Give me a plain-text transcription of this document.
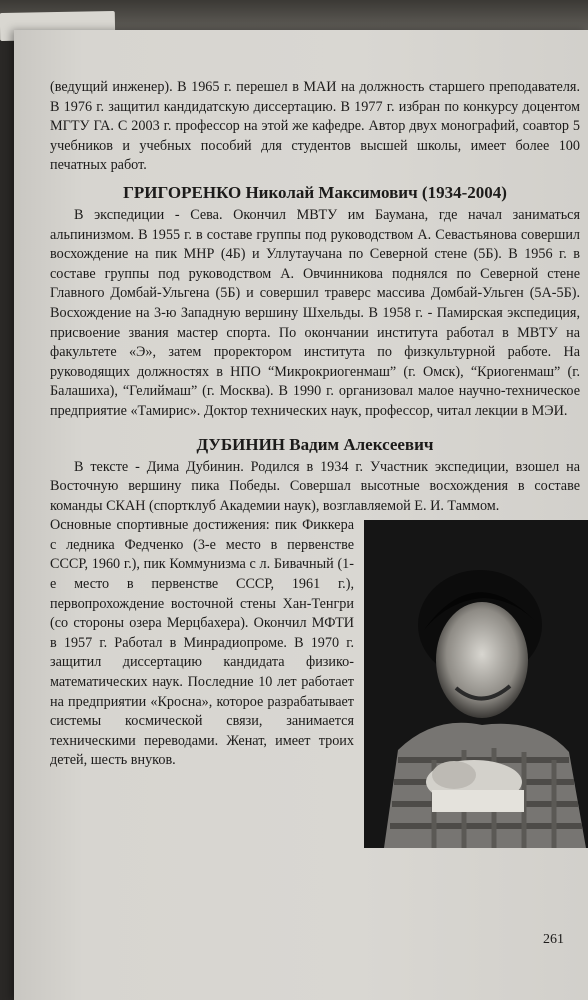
(ведущий инженер). В 1965 г. перешел в МАИ на должность старшего преподавателя. В 1976 г. защитил кандидатскую диссертацию. В 1977 г. избран по конкурсу доцентом МГТУ ГА. С 2003 г. профессор на этой же кафедре. Автор двух монографий, соавтор 5 учебников и учебных пособий для студентов высшей школы, имеет более 100 печатных работ.

ГРИГОРЕНКО Николай Максимович (1934-2004)

В экспедиции - Сева. Окончил МВТУ им Баумана, где начал заниматься альпинизмом. В 1955 г. в составе группы под руководством А. Севастьянова совершил восхождение на пик МНР (4Б) и Уллутаучана по Северной стене (5Б). В 1956 г. в составе группы под руководством А. Овчинникова поднялся по Северной стене Главного Домбай-Ульгена (5Б) и совершил траверс массива Домбай-Ульген (5А-5Б). Восхождение на 3-ю Западную вершину Шхельды. В 1958 г. - Памирская экспедиция, присвоение звания мастер спорта. По окончании института работал в МВТУ на факультете «Э», затем проректором института по физкультурной работе. На руководящих должностях в НПО “Микрокриогенмаш” (г. Омск), “Криогенмаш” (г. Балашиха), “Гелиймаш” (г. Москва). В 1990 г. организовал малое научно-техническое предприятие «Тамирис». Доктор технических наук, профессор, читал лекции в МЭИ.

ДУБИНИН Вадим Алексеевич

В тексте - Дима Дубинин. Родился в 1934 г. Участник экспедиции, взошел на Восточную вершину пика Победы. Совершал высотные восхождения в составе команды СКАН (спортклуб Академии наук), возглавляемой Е. И. Таммом.

Основные спортивные достижения: пик Фиккера с ледника Федченко (3-е место в первенстве СССР, 1960 г.), пик Коммунизма с л. Бивачный (1-е место в первенстве СССР, 1961 г.), первопрохождение восточной стены Хан-Тенгри (со стороны озера Мерцбахера). Окончил МФТИ в 1957 г. Работал в Минрадиопроме. В 1970 г. защитил диссертацию кандидата физико-математических наук. Последние 10 лет работает на предприятии «Кросна», которое разрабатывает системы космической связи, занимается техническими переводами. Женат, имеет троих детей, шесть внуков.

261
